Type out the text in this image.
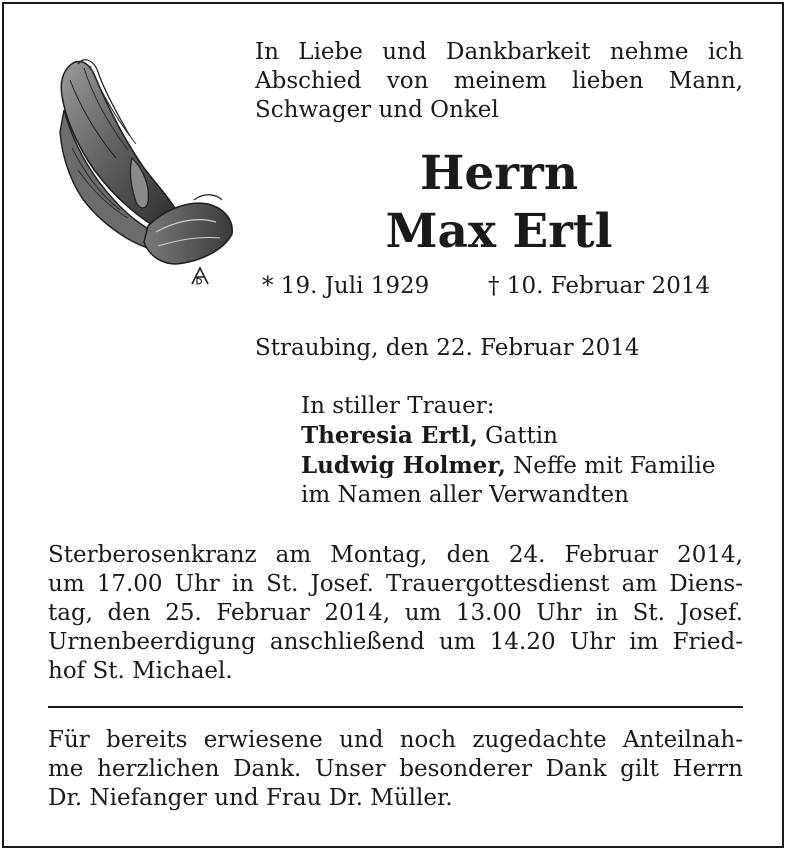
In Liebe und Dankbarkeit nehme ich
Abschied von meinem lieben Mann,
Schwager und Onkel
Herrn
Max Ertl
* 19. Juli 1929	† 10. Februar 2014
Straubing, den 22. Februar 2014
In stiller Trauer:
Theresia Ertl, Gattin
Ludwig Holmer, Neffe mit Familie
im Namen aller Verwandten
Sterberosenkranz am Montag, den 24. Februar 2014,
um 17.00 Uhr in St. Josef. Trauergottesdienst am Diens-
tag, den 25. Februar 2014, um 13.00 Uhr in St. Josef.
Urnenbeerdigung anschließend um 14.20 Uhr im Fried-
hof St. Michael.
Für bereits erwiesene und noch zugedachte Anteilnah-
me herzlichen Dank. Unser besonderer Dank gilt Herrn
Dr. Niefanger und Frau Dr. Müller.
